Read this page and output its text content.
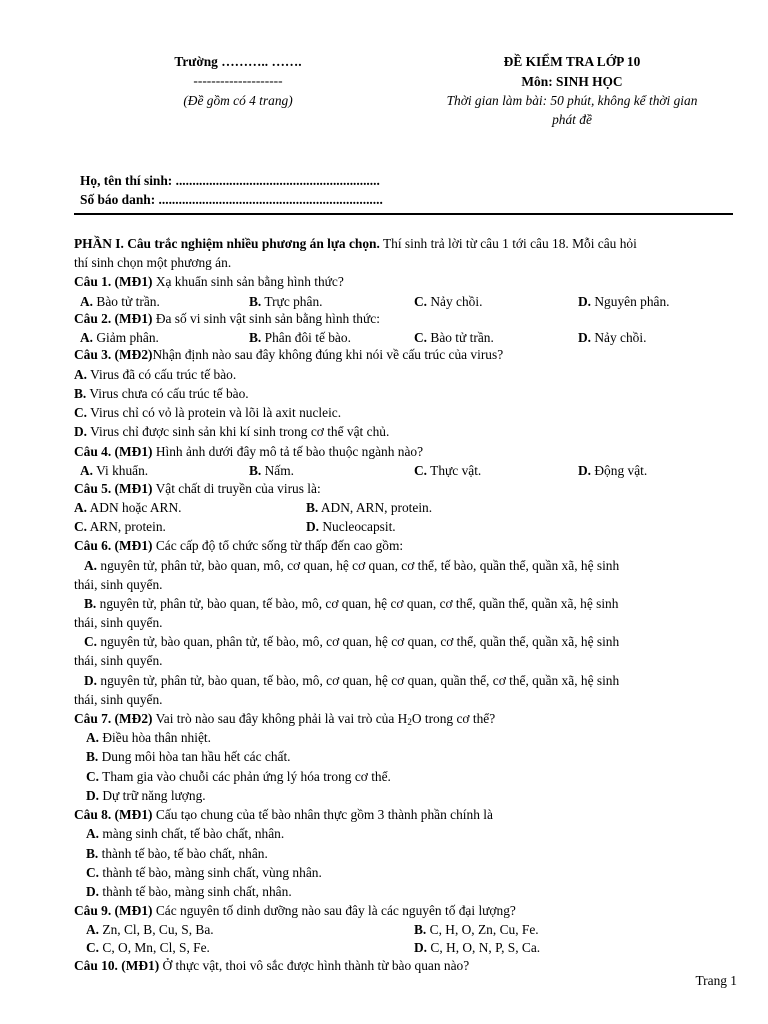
Trường ……….. …….
--------------------
(Đề gồm có 4 trang)
ĐỀ KIỂM TRA LỚP 10
Môn: SINH HỌC
Thời gian làm bài: 50 phút, không kể thời gian
phát đề
Họ, tên thí sinh: .............................................................
Số báo danh: ...................................................................
PHẦN I. Câu trắc nghiệm nhiều phương án lựa chọn. Thí sinh trả lời từ câu 1 tới câu 18. Mỗi câu hỏi
thí sinh chọn một phương án.
Câu 1. (MĐ1) Xạ khuẩn sinh sản bằng hình thức?
A. Bào tử trần.	B. Trực phân.	C. Nảy chồi.	D. Nguyên phân.
Câu 2. (MĐ1) Đa số vi sinh vật sinh sản bằng hình thức:
A. Giảm phân.	B. Phân đôi tế bào.	C. Bào tử trần.	D. Nảy chồi.
Câu 3. (MĐ2)Nhận định nào sau đây không đúng khi nói về cấu trúc của virus?
A. Virus đã có cấu trúc tế bào.
B. Virus chưa có cấu trúc tế bào.
C. Virus chỉ có vỏ là protein và lõi là axit nucleic.
D. Virus chỉ được sinh sản khi kí sinh trong cơ thể vật chủ.
Câu 4. (MĐ1) Hình ảnh dưới đây mô tả tế bào thuộc ngành nào?
A. Vi khuẩn.	B. Nấm.	C. Thực vật.	D. Động vật.
Câu 5. (MĐ1) Vật chất di truyền của virus là:
A. ADN hoặc ARN.	B. ADN, ARN, protein.
C. ARN, protein.	D. Nucleocapsit.
Câu 6. (MĐ1) Các cấp độ tổ chức sống từ thấp đến cao gồm:
A. nguyên tử, phân tử, bào quan, mô, cơ quan, hệ cơ quan, cơ thể, tế bào, quần thể, quần xã, hệ sinh
thái, sinh quyển.
B. nguyên tử, phân tử, bào quan, tế bào, mô, cơ quan, hệ cơ quan, cơ thể, quần thể, quần xã, hệ sinh
thái, sinh quyển.
C. nguyên tử, bào quan, phân tử, tế bào, mô, cơ quan, hệ cơ quan, cơ thể, quần thể, quần xã, hệ sinh
thái, sinh quyển.
D. nguyên tử, phân tử, bào quan, tế bào, mô, cơ quan, hệ cơ quan, quần thể, cơ thể, quần xã, hệ sinh
thái, sinh quyển.
Câu 7. (MĐ2) Vai trò nào sau đây không phải là vai trò của $H_2O$ trong cơ thể?
A. Điều hòa thân nhiệt.
B. Dung môi hòa tan hầu hết các chất.
C. Tham gia vào chuỗi các phản ứng lý hóa trong cơ thể.
D. Dự trữ năng lượng.
Câu 8. (MĐ1) Cấu tạo chung của tế bào nhân thực gồm 3 thành phần chính là
A. màng sinh chất, tế bào chất, nhân.
B. thành tế bào, tế bào chất, nhân.
C. thành tế bào, màng sinh chất, vùng nhân.
D. thành tế bào, màng sinh chất, nhân.
Câu 9. (MĐ1) Các nguyên tố dinh dưỡng nào sau đây là các nguyên tố đại lượng?
A. Zn, Cl, B, Cu, S, Ba.	B. C, H, O, Zn, Cu, Fe.
C. C, O, Mn, Cl, S, Fe.	D. C, H, O, N, P, S, Ca.
Câu 10. (MĐ1) Ở thực vật, thoi vô sắc được hình thành từ bào quan nào?
Trang 1
